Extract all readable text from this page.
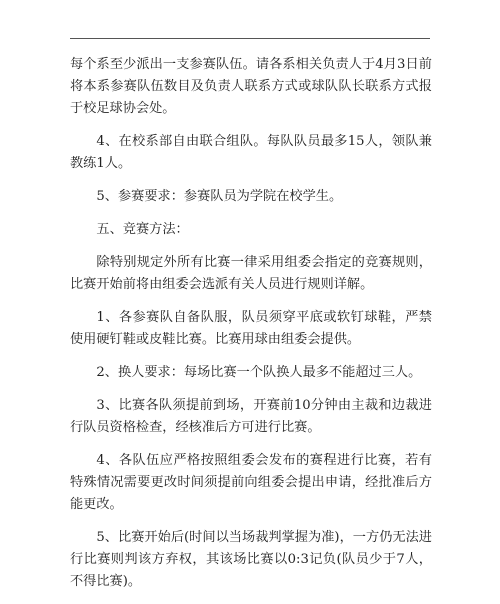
每个系至少派出一支参赛队伍。请各系相关负责人于4月3日前将本系参赛队伍数目及负责人联系方式或球队队长联系方式报于校足球协会处。

4、在校系部自由联合组队。每队队员最多15人，领队兼教练1人。

5、参赛要求：参赛队员为学院在校学生。

五、竞赛方法：

除特别规定外所有比赛一律采用组委会指定的竞赛规则，比赛开始前将由组委会选派有关人员进行规则详解。

1、各参赛队自备队服，队员须穿平底或软钉球鞋，严禁使用硬钉鞋或皮鞋比赛。比赛用球由组委会提供。

2、换人要求：每场比赛一个队换人最多不能超过三人。

3、比赛各队须提前到场，开赛前10分钟由主裁和边裁进行队员资格检查，经核准后方可进行比赛。

4、各队伍应严格按照组委会发布的赛程进行比赛，若有特殊情况需要更改时间须提前向组委会提出申请，经批准后方能更改。

5、比赛开始后(时间以当场裁判掌握为准)，一方仍无法进行比赛则判该方弃权，其该场比赛以0:3记负(队员少于7人，不得比赛)。
